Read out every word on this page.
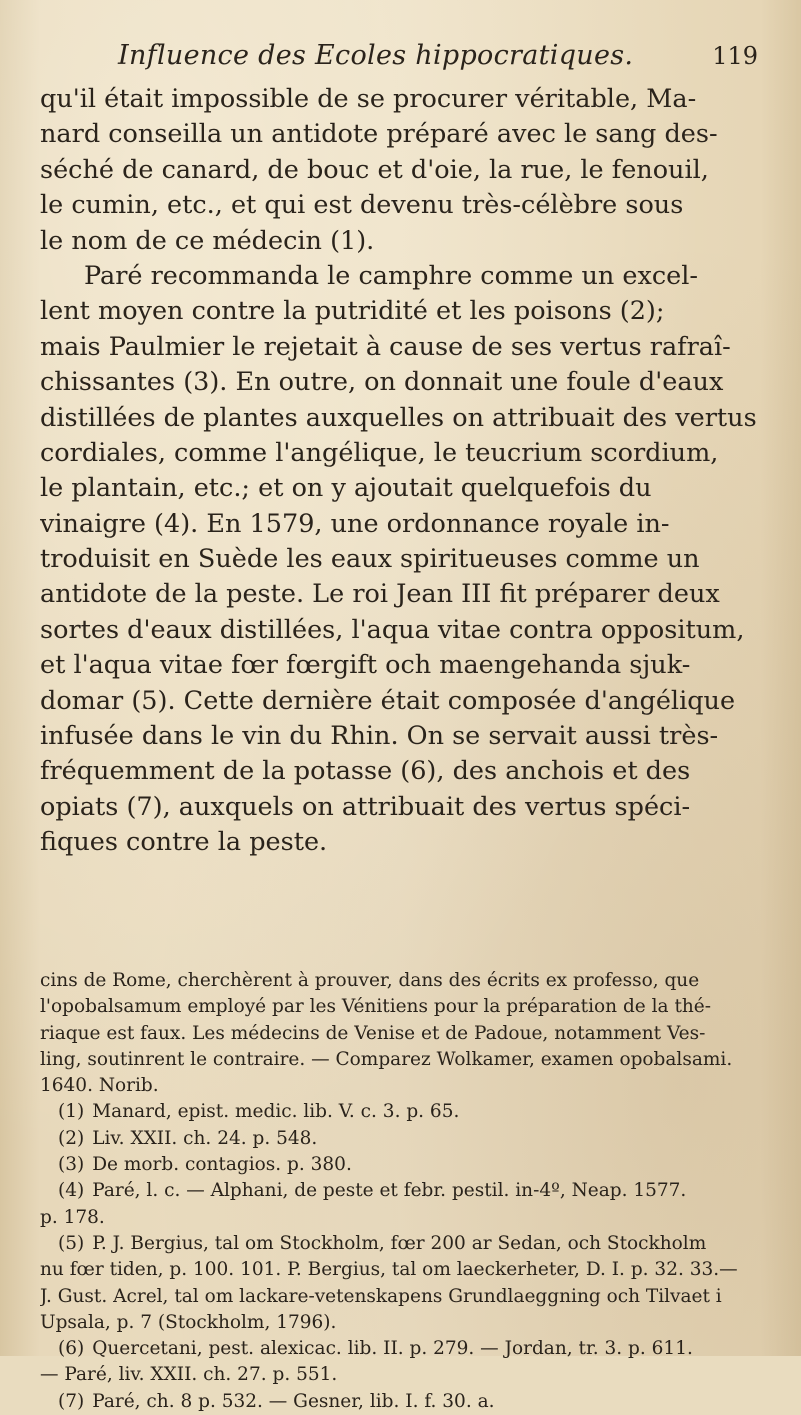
Influence des Ecoles hippocratiques.	119
qu'il était impossible de se procurer véritable, Ma-
nard conseilla un antidote préparé avec le sang des-
séché de canard, de bouc et d'oie, la rue, le fenouil,
le cumin, etc., et qui est devenu très-célèbre sous
le nom de ce médecin (1).
Paré recommanda le camphre comme un excel-
lent moyen contre la putridité et les poisons (2);
mais Paulmier le rejetait à cause de ses vertus rafraî-
chissantes (3). En outre, on donnait une foule d'eaux
distillées de plantes auxquelles on attribuait des vertus
cordiales, comme l'angélique, le teucrium scordium,
le plantain, etc.; et on y ajoutait quelquefois du
vinaigre (4). En 1579, une ordonnance royale in-
troduisit en Suède les eaux spiritueuses comme un
antidote de la peste. Le roi Jean III fit préparer deux
sortes d'eaux distillées, l'aqua vitae contra oppositum,
et l'aqua vitae fœr fœrgift och maengehanda sjuk-
domar (5). Cette dernière était composée d'angélique
infusée dans le vin du Rhin. On se servait aussi très-
fréquemment de la potasse (6), des anchois et des
opiats (7), auxquels on attribuait des vertus spéci-
fiques contre la peste.
cins de Rome, cherchèrent à prouver, dans des écrits ex professo, que
l'opobalsamum employé par les Vénitiens pour la préparation de la thé-
riaque est faux. Les médecins de Venise et de Padoue, notamment Ves-
ling, soutinrent le contraire. — Comparez Wolkamer, examen opobalsami.
1640. Norib.
(1) Manard, epist. medic. lib. V. c. 3. p. 65.
(2) Liv. XXII. ch. 24. p. 548.
(3) De morb. contagios. p. 380.
(4) Paré, l. c. — Alphani, de peste et febr. pestil. in-4º, Neap. 1577.
p. 178.
(5) P. J. Bergius, tal om Stockholm, fœr 200 ar Sedan, och Stockholm
nu fœr tiden, p. 100. 101. P. Bergius, tal om laeckerheter, D. I. p. 32. 33.—
J. Gust. Acrel, tal om lackare-vetenskapens Grundlaeggning och Tilvaet i
Upsala, p. 7 (Stockholm, 1796).
(6) Quercetani, pest. alexicac. lib. II. p. 279. — Jordan, tr. 3. p. 611.
— Paré, liv. XXII. ch. 27. p. 551.
(7) Paré, ch. 8 p. 532. — Gesner, lib. I. f. 30. a.
